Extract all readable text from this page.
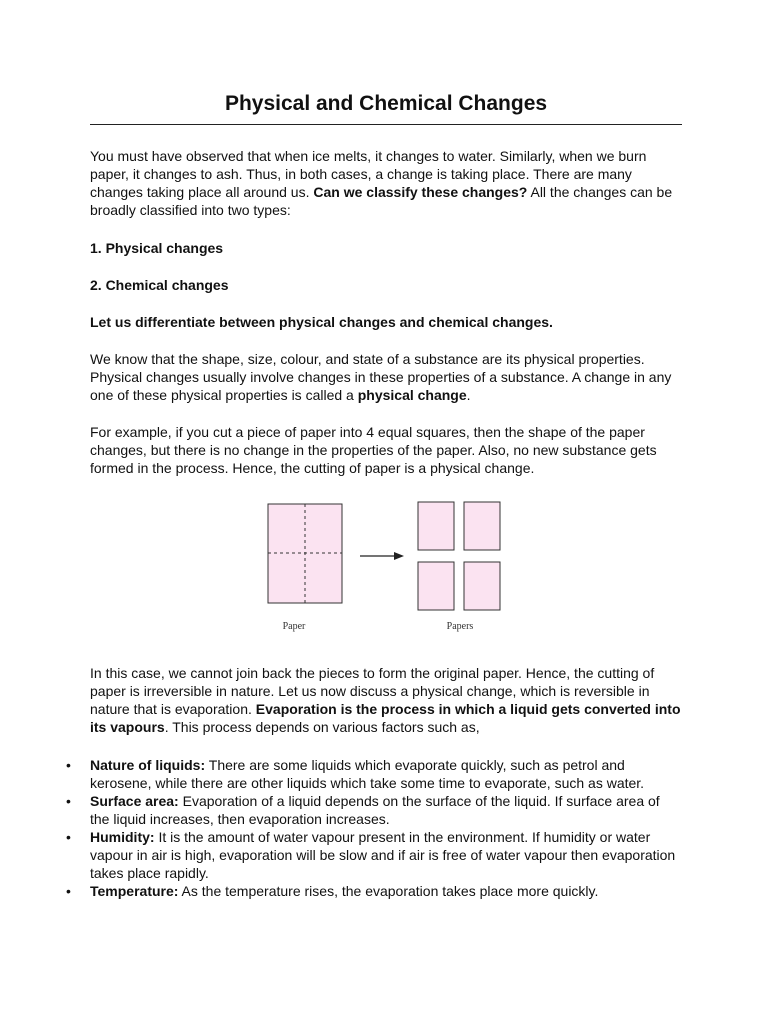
Physical and Chemical Changes

You must have observed that when ice melts, it changes to water. Similarly, when we burn paper, it changes to ash. Thus, in both cases, a change is taking place. There are many changes taking place all around us. Can we classify these changes? All the changes can be broadly classified into two types:

1. Physical changes

2. Chemical changes

Let us differentiate between physical changes and chemical changes.

We know that the shape, size, colour, and state of a substance are its physical properties. Physical changes usually involve changes in these properties of a substance. A change in any one of these physical properties is called a physical change.

For example, if you cut a piece of paper into 4 equal squares, then the shape of the paper changes, but there is no change in the properties of the paper. Also, no new substance gets formed in the process. Hence, the cutting of paper is a physical change.

Paper	Papers

In this case, we cannot join back the pieces to form the original paper. Hence, the cutting of paper is irreversible in nature. Let us now discuss a physical change, which is reversible in nature that is evaporation. Evaporation is the process in which a liquid gets converted into its vapours. This process depends on various factors such as,

• Nature of liquids: There are some liquids which evaporate quickly, such as petrol and kerosene, while there are other liquids which take some time to evaporate, such as water.
• Surface area: Evaporation of a liquid depends on the surface of the liquid. If surface area of the liquid increases, then evaporation increases.
• Humidity: It is the amount of water vapour present in the environment. If humidity or water vapour in air is high, evaporation will be slow and if air is free of water vapour then evaporation takes place rapidly.
• Temperature: As the temperature rises, the evaporation takes place more quickly.
